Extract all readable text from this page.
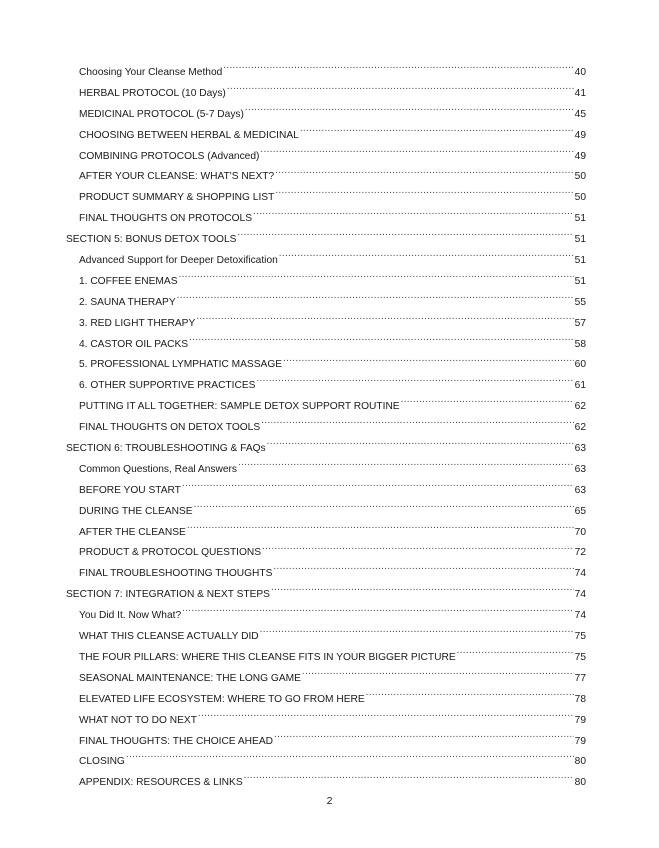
Choosing Your Cleanse Method .....	40
HERBAL PROTOCOL (10 Days) .....	41
MEDICINAL PROTOCOL (5-7 Days) .....	45
CHOOSING BETWEEN HERBAL & MEDICINAL .....	49
COMBINING PROTOCOLS (Advanced) .....	49
AFTER YOUR CLEANSE: WHAT'S NEXT? .....	50
PRODUCT SUMMARY & SHOPPING LIST .....	50
FINAL THOUGHTS ON PROTOCOLS .....	51
SECTION 5: BONUS DETOX TOOLS .....	51
Advanced Support for Deeper Detoxification .....	51
1. COFFEE ENEMAS .....	51
2. SAUNA THERAPY .....	55
3. RED LIGHT THERAPY .....	57
4. CASTOR OIL PACKS .....	58
5. PROFESSIONAL LYMPHATIC MASSAGE .....	60
6. OTHER SUPPORTIVE PRACTICES .....	61
PUTTING IT ALL TOGETHER: SAMPLE DETOX SUPPORT ROUTINE .....	62
FINAL THOUGHTS ON DETOX TOOLS .....	62
SECTION 6: TROUBLESHOOTING & FAQs .....	63
Common Questions, Real Answers .....	63
BEFORE YOU START .....	63
DURING THE CLEANSE .....	65
AFTER THE CLEANSE .....	70
PRODUCT & PROTOCOL QUESTIONS .....	72
FINAL TROUBLESHOOTING THOUGHTS .....	74
SECTION 7: INTEGRATION & NEXT STEPS .....	74
You Did It. Now What? .....	74
WHAT THIS CLEANSE ACTUALLY DID .....	75
THE FOUR PILLARS: WHERE THIS CLEANSE FITS IN YOUR BIGGER PICTURE .....	75
SEASONAL MAINTENANCE: THE LONG GAME .....	77
ELEVATED LIFE ECOSYSTEM: WHERE TO GO FROM HERE .....	78
WHAT NOT TO DO NEXT .....	79
FINAL THOUGHTS: THE CHOICE AHEAD .....	79
CLOSING .....	80
APPENDIX: RESOURCES & LINKS .....	80
2
